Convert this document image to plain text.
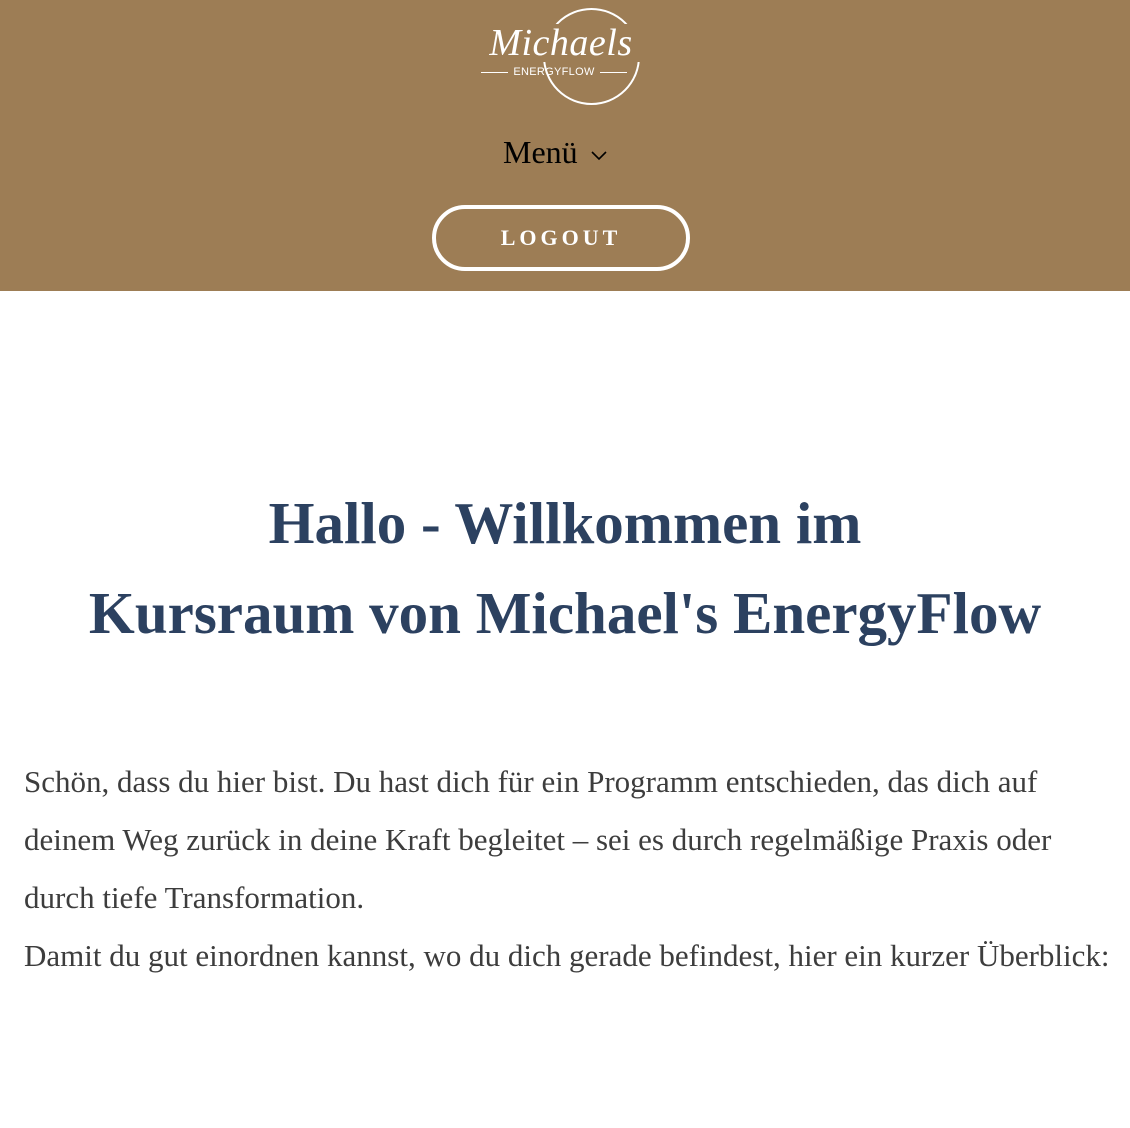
Michaels
ENERGYFLOW
Menü
LOGOUT
Hallo - Willkommen im
Kursraum von Michael's EnergyFlow

Schön, dass du hier bist. Du hast dich für ein Programm entschieden, das dich auf deinem Weg zurück in deine Kraft begleitet – sei es durch regelmäßige Praxis oder durch tiefe Transformation.

Damit du gut einordnen kannst, wo du dich gerade befindest, hier ein kurzer Überblick:
